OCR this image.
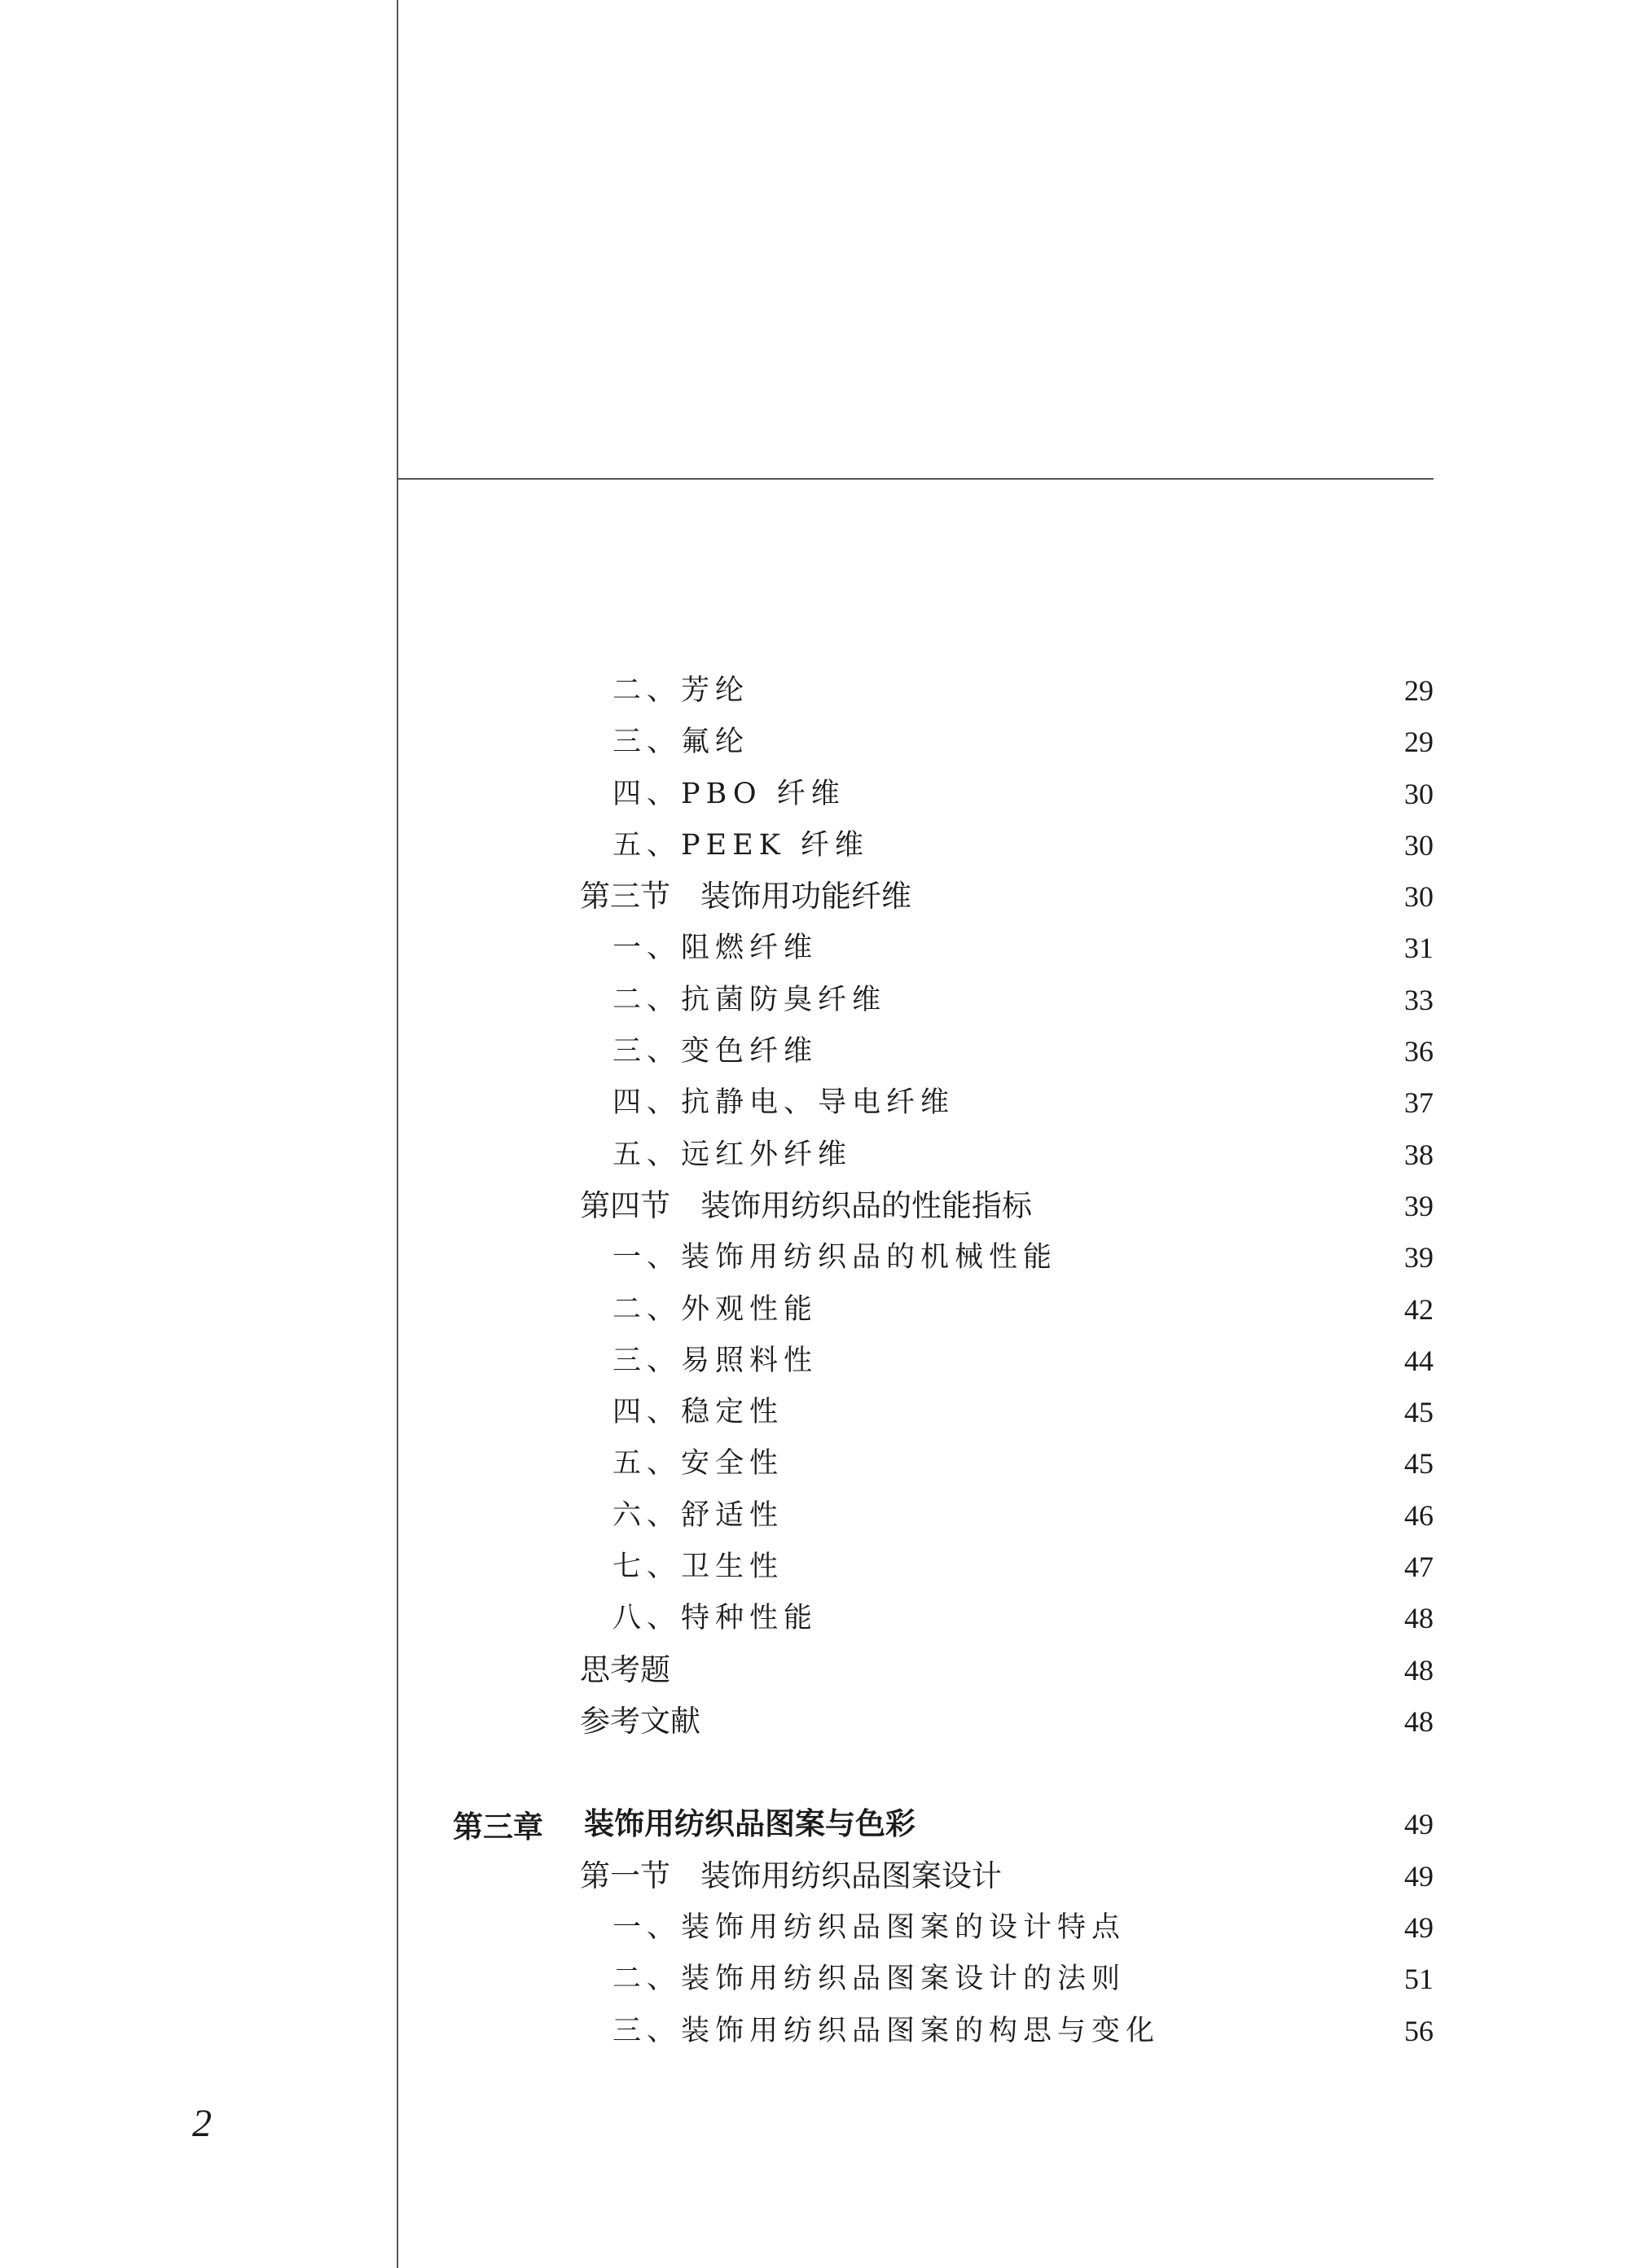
二、芳纶	29
三、氟纶	29
四、PBO 纤维	30
五、PEEK 纤维	30
第三节　装饰用功能纤维	30
一、阻燃纤维	31
二、抗菌防臭纤维	33
三、变色纤维	36
四、抗静电、导电纤维	37
五、远红外纤维	38
第四节　装饰用纺织品的性能指标	39
一、装饰用纺织品的机械性能	39
二、外观性能	42
三、易照料性	44
四、稳定性	45
五、安全性	45
六、舒适性	46
七、卫生性	47
八、特种性能	48
思考题	48
参考文献	48
第三章 装饰用纺织品图案与色彩	49
第一节　装饰用纺织品图案设计	49
一、装饰用纺织品图案的设计特点	49
二、装饰用纺织品图案设计的法则	51
三、装饰用纺织品图案的构思与变化	56
2
